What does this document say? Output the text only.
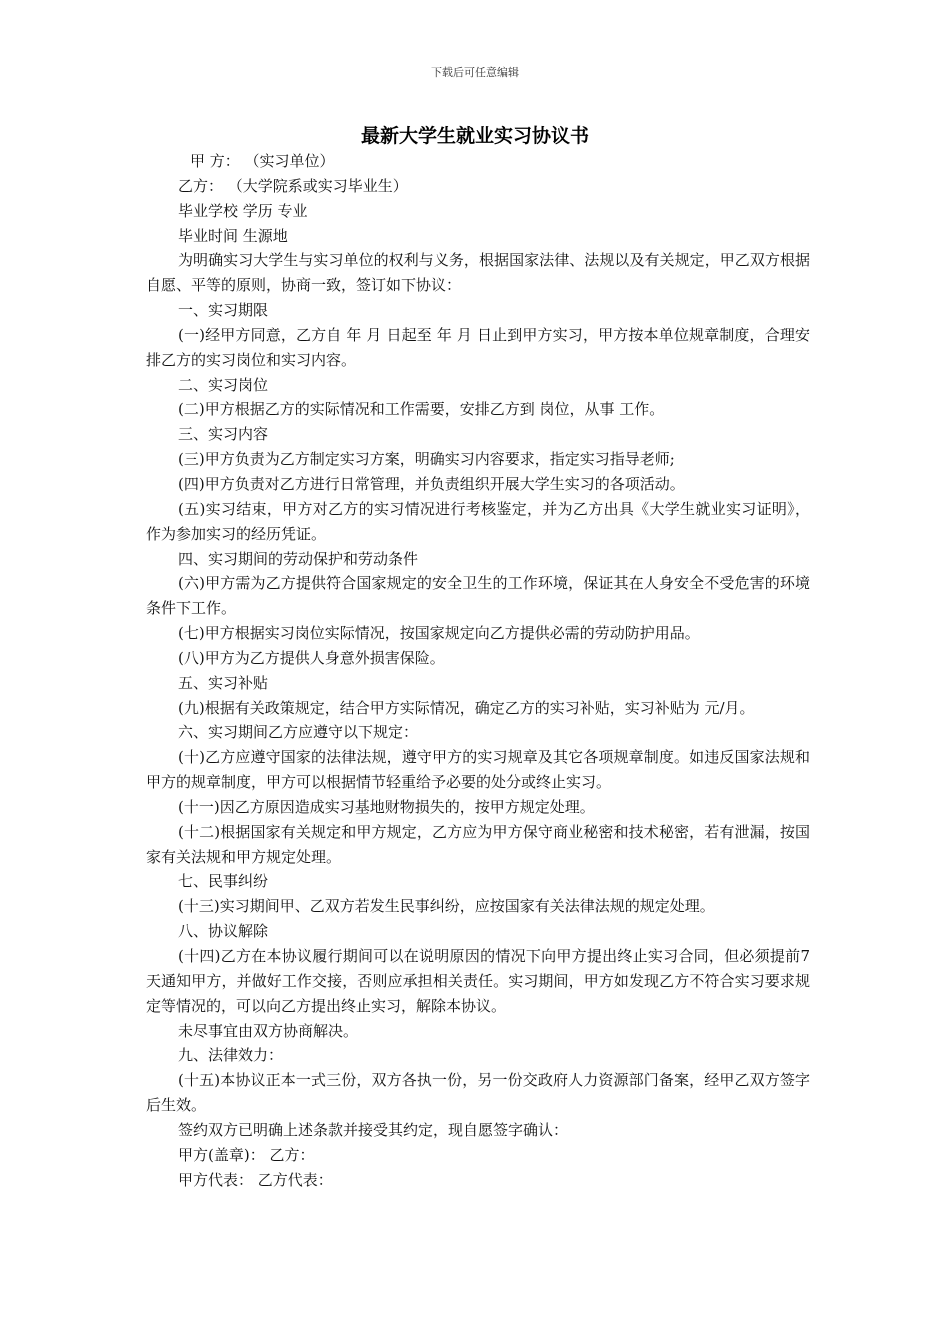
下载后可任意编辑
最新大学生就业实习协议书

甲 方： （实习单位）

乙方： （大学院系或实习毕业生）

毕业学校 学历 专业

毕业时间 生源地

为明确实习大学生与实习单位的权利与义务，根据国家法律、法规以及有关规定，甲乙双方根据自愿、平等的原则，协商一致，签订如下协议：

一、实习期限

(一)经甲方同意，乙方自 年 月 日起至 年 月 日止到甲方实习，甲方按本单位规章制度，合理安排乙方的实习岗位和实习内容。

二、实习岗位

(二)甲方根据乙方的实际情况和工作需要，安排乙方到 岗位，从事 工作。

三、实习内容

(三)甲方负责为乙方制定实习方案，明确实习内容要求，指定实习指导老师;

(四)甲方负责对乙方进行日常管理，并负责组织开展大学生实习的各项活动。

(五)实习结束，甲方对乙方的实习情况进行考核鉴定，并为乙方出具《大学生就业实习证明》，作为参加实习的经历凭证。

四、实习期间的劳动保护和劳动条件

(六)甲方需为乙方提供符合国家规定的安全卫生的工作环境，保证其在人身安全不受危害的环境条件下工作。

(七)甲方根据实习岗位实际情况，按国家规定向乙方提供必需的劳动防护用品。

(八)甲方为乙方提供人身意外损害保险。

五、实习补贴

(九)根据有关政策规定，结合甲方实际情况，确定乙方的实习补贴，实习补贴为 元/月。

六、实习期间乙方应遵守以下规定：

(十)乙方应遵守国家的法律法规，遵守甲方的实习规章及其它各项规章制度。如违反国家法规和甲方的规章制度，甲方可以根据情节轻重给予必要的处分或终止实习。

(十一)因乙方原因造成实习基地财物损失的，按甲方规定处理。

(十二)根据国家有关规定和甲方规定，乙方应为甲方保守商业秘密和技术秘密，若有泄漏，按国家有关法规和甲方规定处理。

七、民事纠纷

(十三)实习期间甲、乙双方若发生民事纠纷，应按国家有关法律法规的规定处理。

八、协议解除

(十四)乙方在本协议履行期间可以在说明原因的情况下向甲方提出终止实习合同，但必须提前7天通知甲方，并做好工作交接，否则应承担相关责任。实习期间，甲方如发现乙方不符合实习要求规定等情况的，可以向乙方提出终止实习，解除本协议。

未尽事宜由双方协商解决。

九、法律效力：

(十五)本协议正本一式三份，双方各执一份，另一份交政府人力资源部门备案，经甲乙双方签字后生效。

签约双方已明确上述条款并接受其约定，现自愿签字确认：

甲方(盖章)： 乙方：

甲方代表： 乙方代表：
